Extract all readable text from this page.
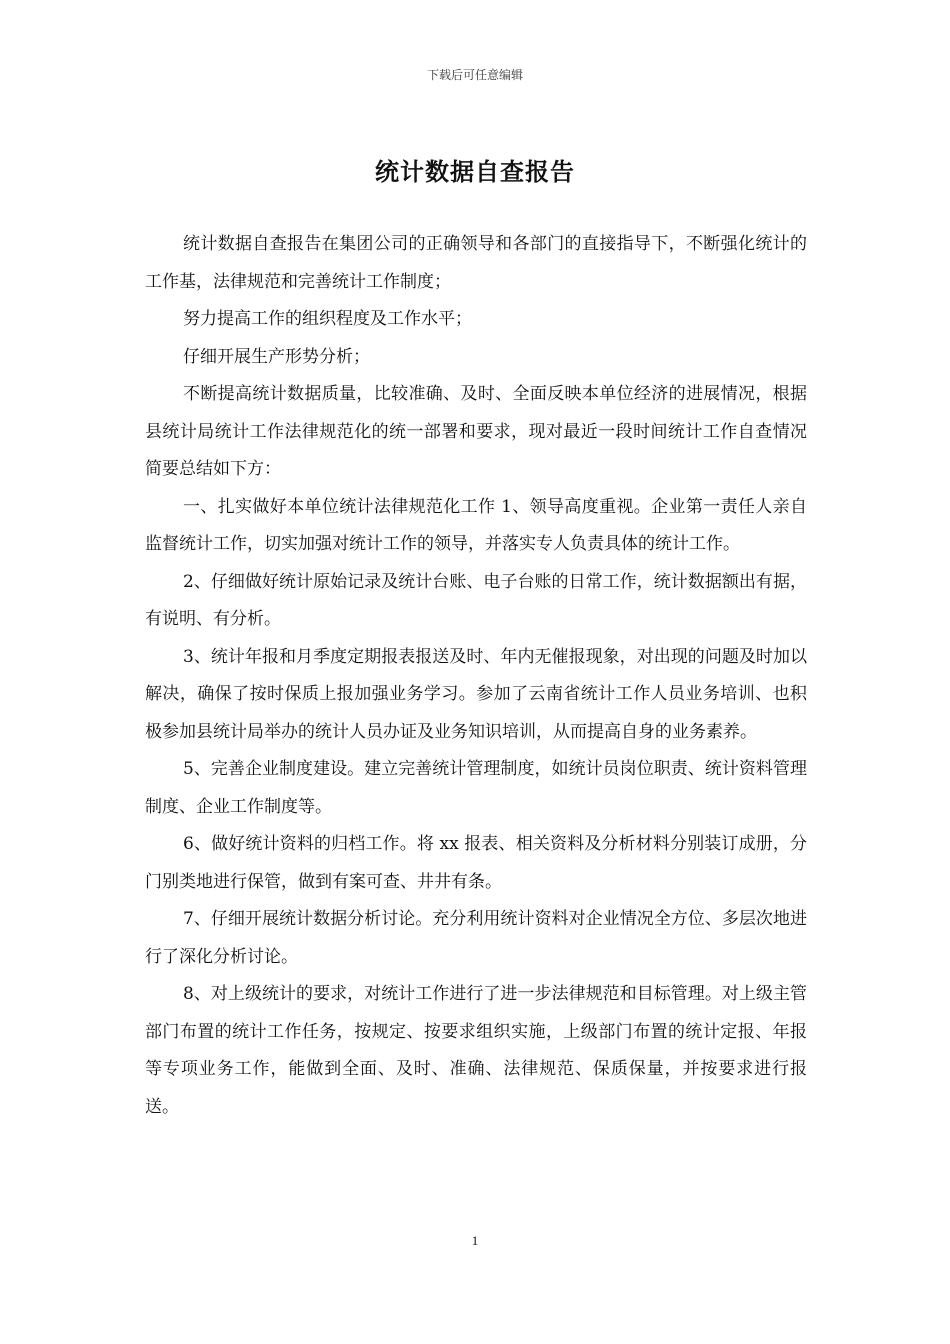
下载后可任意编辑
统计数据自查报告

统计数据自查报告在集团公司的正确领导和各部门的直接指导下，不断强化统计的工作基，法律规范和完善统计工作制度；

努力提高工作的组织程度及工作水平；

仔细开展生产形势分析；

不断提高统计数据质量，比较准确、及时、全面反映本单位经济的进展情况，根据县统计局统计工作法律规范化的统一部署和要求，现对最近一段时间统计工作自查情况简要总结如下方：

一、扎实做好本单位统计法律规范化工作 1、领导高度重视。企业第一责任人亲自监督统计工作，切实加强对统计工作的领导，并落实专人负责具体的统计工作。

2、仔细做好统计原始记录及统计台账、电子台账的日常工作，统计数据额出有据，有说明、有分析。

3、统计年报和月季度定期报表报送及时、年内无催报现象，对出现的问题及时加以解决，确保了按时保质上报加强业务学习。参加了云南省统计工作人员业务培训、也积极参加县统计局举办的统计人员办证及业务知识培训，从而提高自身的业务素养。

5、完善企业制度建设。建立完善统计管理制度，如统计员岗位职责、统计资料管理制度、企业工作制度等。

6、做好统计资料的归档工作。将 xx 报表、相关资料及分析材料分别装订成册，分门别类地进行保管，做到有案可查、井井有条。

7、仔细开展统计数据分析讨论。充分利用统计资料对企业情况全方位、多层次地进行了深化分析讨论。

8、对上级统计的要求，对统计工作进行了进一步法律规范和目标管理。对上级主管部门布置的统计工作任务，按规定、按要求组织实施，上级部门布置的统计定报、年报等专项业务工作，能做到全面、及时、准确、法律规范、保质保量，并按要求进行报送。

1
